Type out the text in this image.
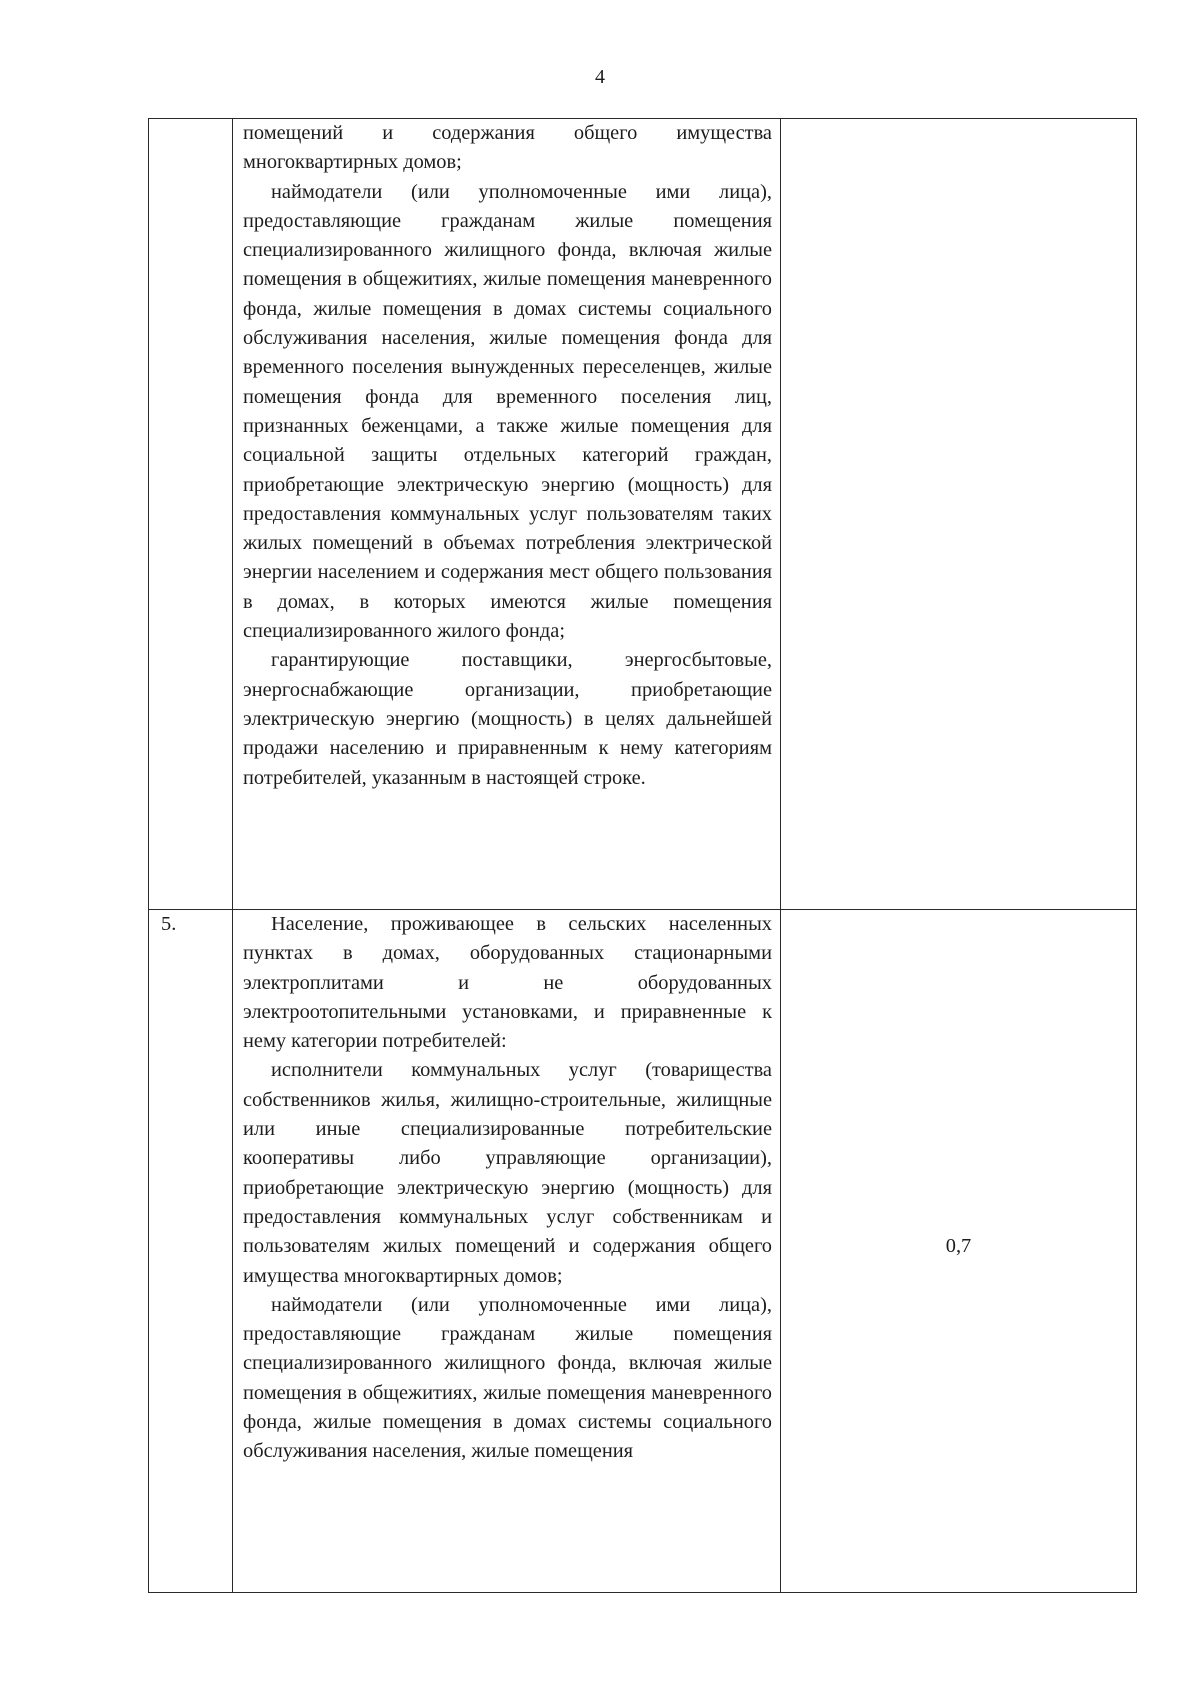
4

	помещений и содержания общего имущества многоквартирных домов;

наймодатели (или уполномоченные ими лица), предоставляющие гражданам жилые помещения специализированного жилищного фонда, включая жилые помещения в общежитиях, жилые помещения маневренного фонда, жилые помещения в домах системы социального обслуживания населения, жилые помещения фонда для временного поселения вынужденных переселенцев, жилые помещения фонда для временного поселения лиц, признанных беженцами, а также жилые помещения для социальной защиты отдельных категорий граждан, приобретающие электрическую энергию (мощность) для предоставления коммунальных услуг пользователям таких жилых помещений в объемах потребления электрической энергии населением и содержания мест общего пользования в домах, в которых имеются жилые помещения специализированного жилого фонда;

гарантирующие поставщики, энергосбытовые, энергоснабжающие организации, приобретающие электрическую энергию (мощность) в целях дальнейшей продажи населению и приравненным к нему категориям потребителей, указанным в настоящей строке.	

5.	Население, проживающее в сельских населенных пунктах в домах, оборудованных стационарными электроплитами и не оборудованных электроотопительными установками, и приравненные к нему категории потребителей:

исполнители коммунальных услуг (товарищества собственников жилья, жилищно-строительные, жилищные или иные специализированные потребительские кооперативы либо управляющие организации), приобретающие электрическую энергию (мощность) для предоставления коммунальных услуг собственникам и пользователям жилых помещений и содержания общего имущества многоквартирных домов;

наймодатели (или уполномоченные ими лица), предоставляющие гражданам жилые помещения специализированного жилищного фонда, включая жилые помещения в общежитиях, жилые помещения маневренного фонда, жилые помещения в домах системы социального обслуживания населения, жилые помещения	0,7
